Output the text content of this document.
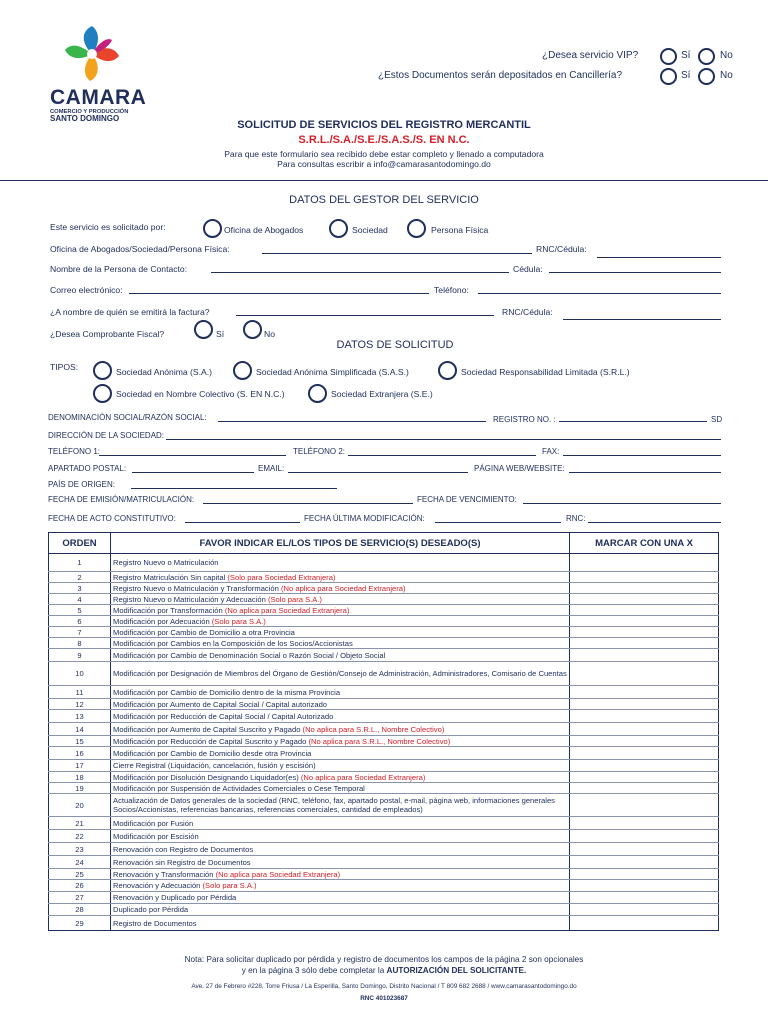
CAMARA
COMERCIO Y PRODUCCIÓN
SANTO DOMINGO
¿Desea servicio VIP?	Sí	No
¿Estos Documentos serán depositados en Cancillería?	Sí	No
SOLICITUD DE SERVICIOS DEL REGISTRO MERCANTIL
S.R.L./S.A./S.E./S.A.S./S. EN N.C.
Para que este formulario sea recibido debe estar completo y llenado a computadora
Para consultas escribir a info@camarasantodomingo.do
DATOS DEL GESTOR DEL SERVICIO
Este servicio es solicitado por:	Oficina de Abogados	Sociedad	Persona Física
Oficina de Abogados/Sociedad/Persona Física:	RNC/Cédula:
Nombre de la Persona de Contacto:	Cédula:
Correo electrónico:	Teléfono:
¿A nombre de quién se emitirá la factura?	RNC/Cédula:
¿Desea Comprobante Fiscal?	Sí	No
DATOS DE SOLICITUD
TIPOS:	Sociedad Anónima (S.A.)	Sociedad Anónima Simplificada (S.A.S.)	Sociedad Responsabilidad Limitada (S.R.L.)
Sociedad en Nombre Colectivo (S. EN N.C.)	Sociedad Extranjera (S.E.)
DENOMINACIÓN SOCIAL/RAZÓN SOCIAL:	REGISTRO NO. :	SD
DIRECCIÓN DE LA SOCIEDAD:
TELÉFONO 1:	TELÉFONO 2:	FAX:
APARTADO POSTAL:	EMAIL:	PÁGINA WEB/WEBSITE:
PAÍS DE ORIGEN:
FECHA DE EMISIÓN/MATRICULACIÓN:	FECHA DE VENCIMIENTO:
FECHA DE ACTO CONSTITUTIVO:	FECHA ÚLTIMA MODIFICACIÓN:	RNC:
ORDEN	FAVOR INDICAR EL/LOS TIPOS DE SERVICIO(S) DESEADO(S)	MARCAR CON UNA X
1	Registro Nuevo o Matriculación	
2	Registro Matriculación Sin capital (Solo para Sociedad Extranjera)	
3	Registro Nuevo o Matriculación y Transformación (No aplica para Sociedad Extranjera)	
4	Registro Nuevo o Matriculación y Adecuación (Solo para S.A.)	
5	Modificación por Transformación (No aplica para Sociedad Extranjera)	
6	Modificación por Adecuación (Solo para S.A.)	
7	Modificación por Cambio de Domicilio a otra Provincia	
8	Modificación por Cambios en la Composición de los Socios/Accionistas	
9	Modificación por Cambio de Denominación Social o Razón Social / Objeto Social	
10	Modificación por Designación de Miembros del Órgano de Gestión/Consejo de Administración, Administradores, Comisario de Cuentas	
11	Modificación por Cambio de Domicilio dentro de la misma Provincia	
12	Modificación por Aumento de Capital Social / Capital autorizado	
13	Modificación por Reducción de Capital Social / Capital Autorizado	
14	Modificación por Aumento de Capital Suscrito y Pagado (No aplica para S.R.L., Nombre Colectivo)	
15	Modificación por Reducción de Capital Suscrito y Pagado (No aplica para S.R.L., Nombre Colectivo)	
16	Modificación por Cambio de Domicilio desde otra Provincia	
17	Cierre Registral (Liquidación, cancelación, fusión y escisión)	
18	Modificación por Disolución Designando Liquidador(es) (No aplica para Sociedad Extranjera)	
19	Modificación por Suspensión de Actividades Comerciales o Cese Temporal	
20	Actualización de Datos generales de la sociedad (RNC, teléfono, fax, apartado postal, e-mail, página web, informaciones generales Socios/Accionistas, referencias bancarias, referencias comerciales, cantidad de empleados)	
21	Modificación por Fusión	
22	Modificación por Escisión	
23	Renovación con Registro de Documentos	
24	Renovación sin Registro de Documentos	
25	Renovación y Transformación (No aplica para Sociedad Extranjera)	
26	Renovación y Adecuación (Solo para S.A.)	
27	Renovación y Duplicado por Pérdida	
28	Duplicado por Pérdida	
29	Registro de Documentos	
Nota: Para solicitar duplicado por pérdida y registro de documentos los campos de la página 2 son opcionales
y en la página 3 sólo debe completar la AUTORIZACIÓN DEL SOLICITANTE.
Ave. 27 de Febrero #228, Torre Friusa / La Esperilla, Santo Domingo, Distrito Nacional / T 809 682 2688 / www.camarasantodomingo.do
RNC 401023687
